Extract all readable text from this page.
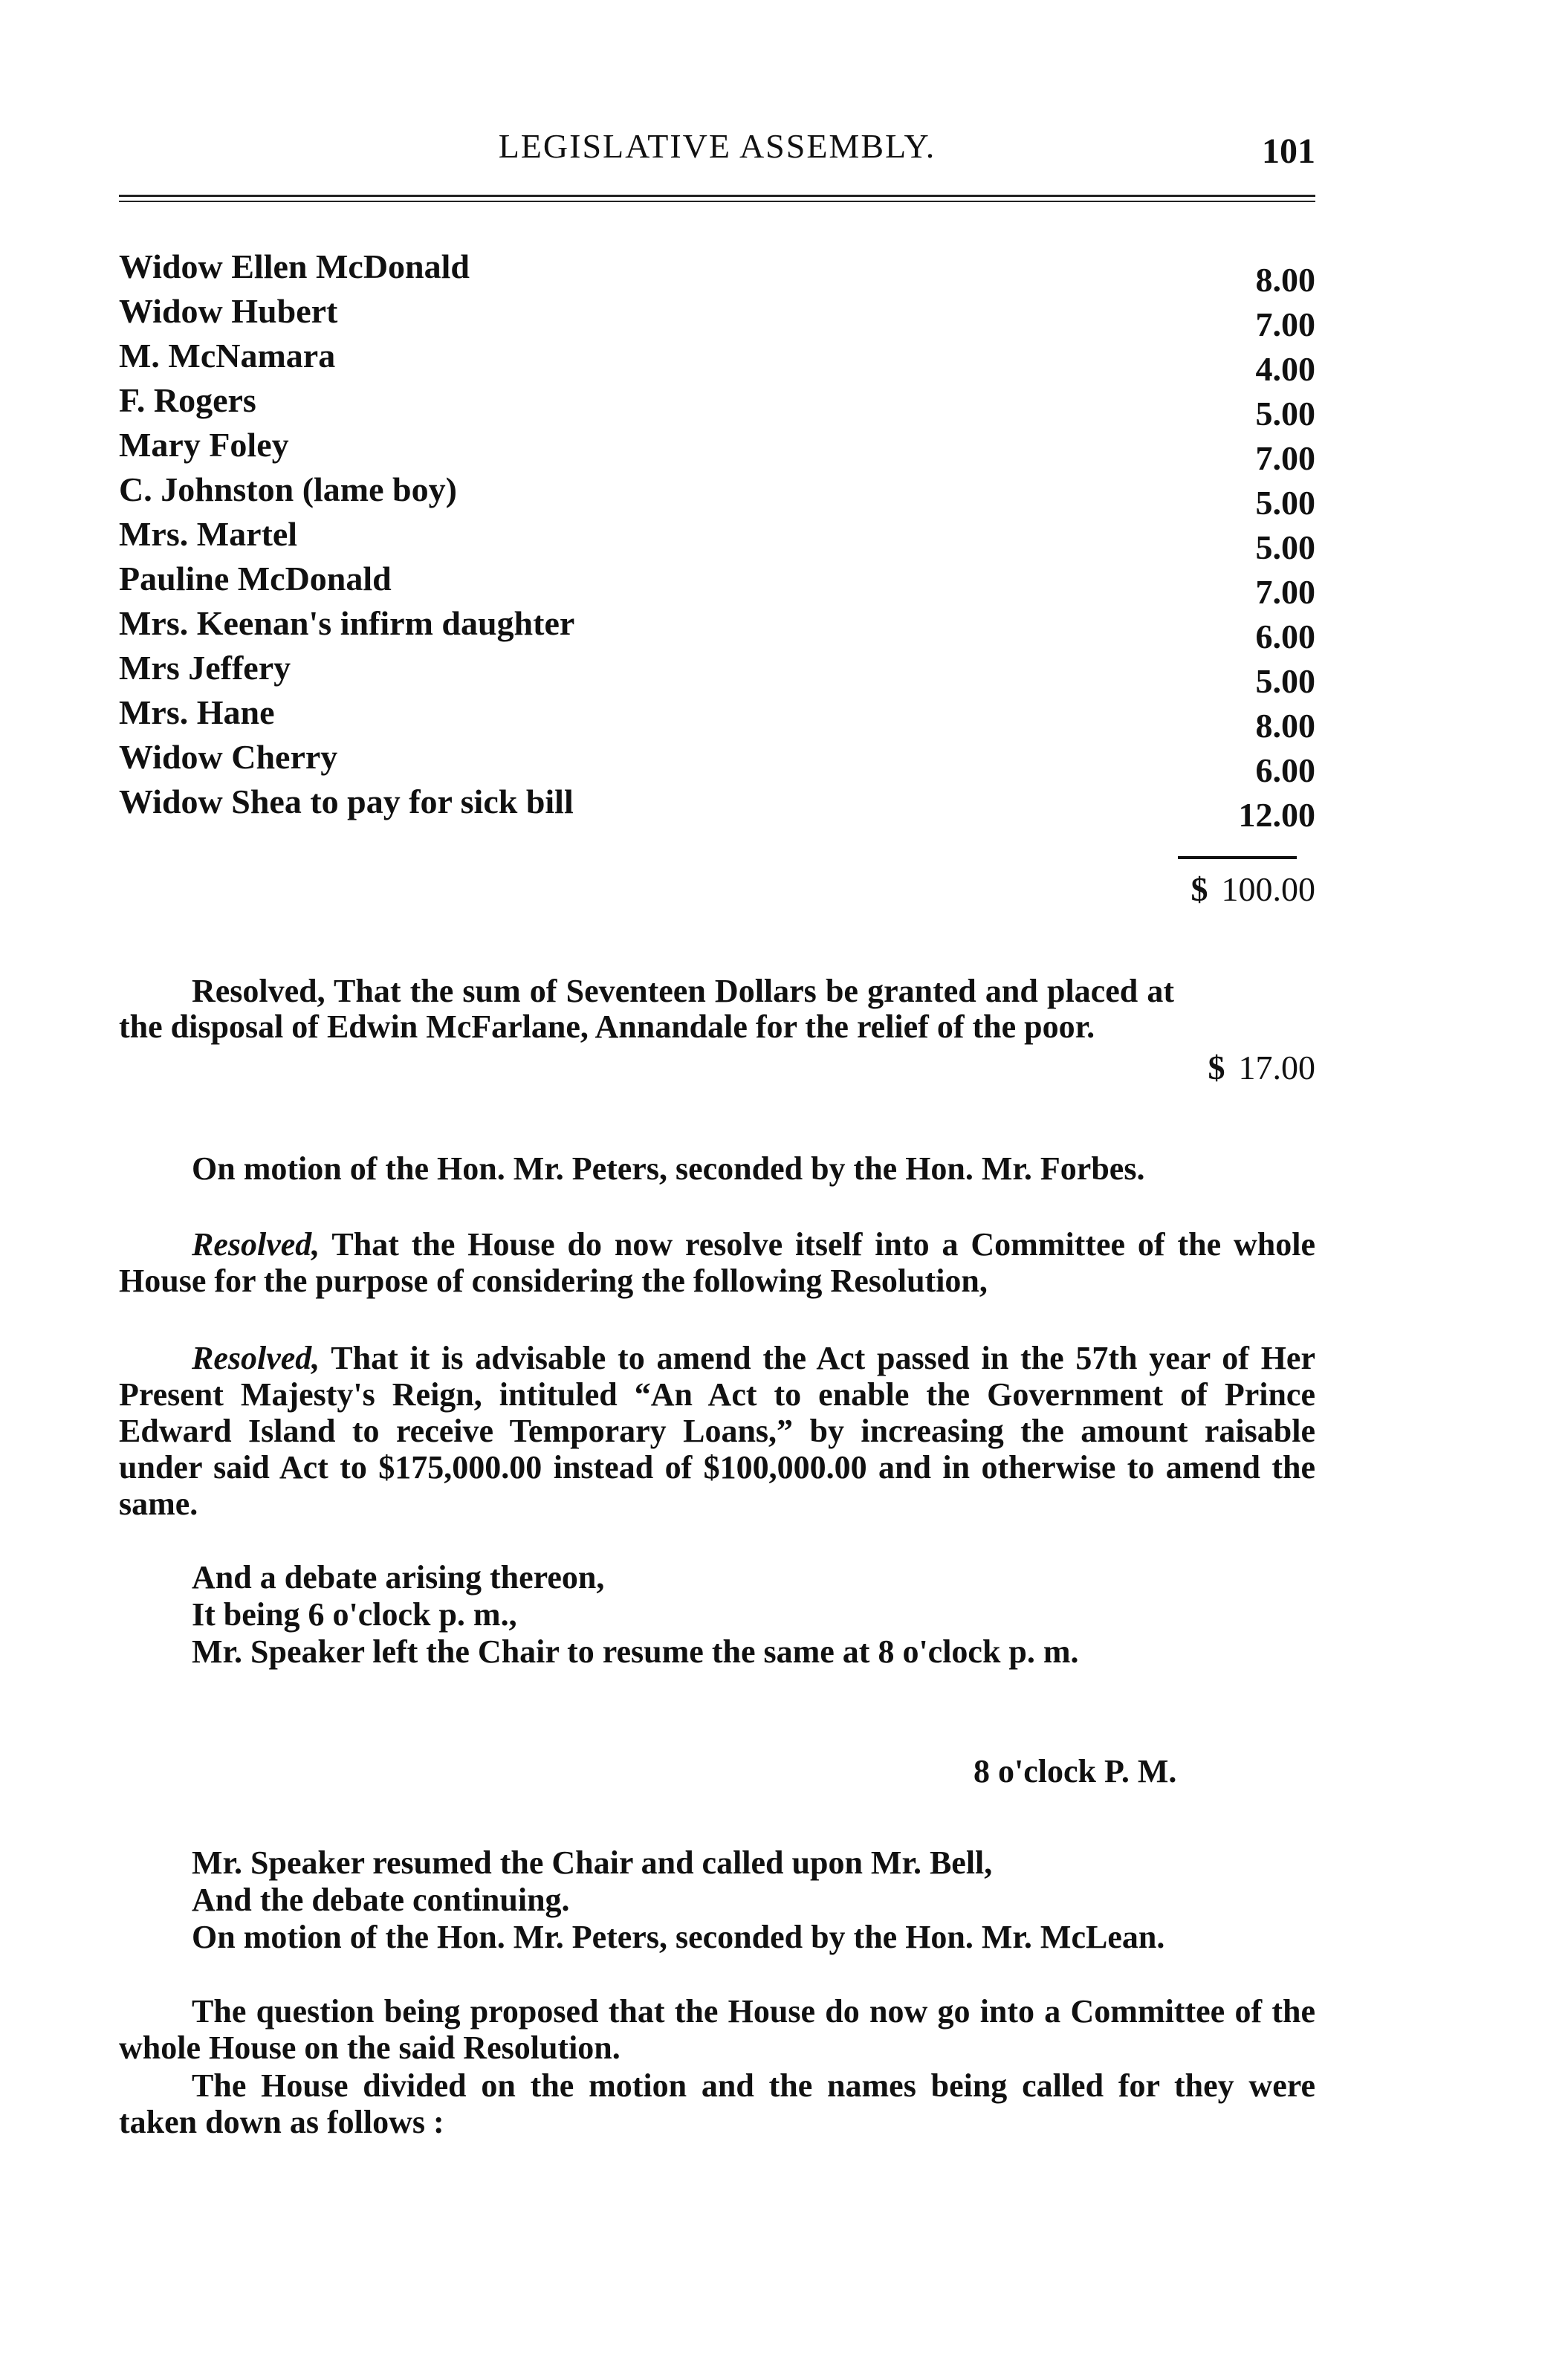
LEGISLATIVE ASSEMBLY.	101
Widow Ellen McDonald	8.00
Widow Hubert	7.00
M. McNamara	4.00
F. Rogers	5.00
Mary Foley	7.00
C. Johnston (lame boy)	5.00
Mrs. Martel	5.00
Pauline McDonald	7.00
Mrs. Keenan's infirm daughter	6.00
Mrs Jeffery	5.00
Mrs. Hane	8.00
Widow Cherry	6.00
Widow Shea to pay for sick bill	12.00
$ 100.00
Resolved, That the sum of Seventeen Dollars be granted and placed at the disposal of Edwin McFarlane, Annandale for the relief of the poor.
$ 17.00
On motion of the Hon. Mr. Peters, seconded by the Hon. Mr. Forbes.
Resolved, That the House do now resolve itself into a Committee of the whole House for the purpose of considering the following Resolution,
Resolved, That it is advisable to amend the Act passed in the 57th year of Her Present Majesty's Reign, intituled “An Act to enable the Government of Prince Edward Island to receive Temporary Loans,” by increasing the amount raisable under said Act to $175,000.00 instead of $100,000.00 and in otherwise to amend the same.
And a debate arising thereon,
It being 6 o'clock p. m.,
Mr. Speaker left the Chair to resume the same at 8 o'clock p. m.
8 o'clock P. M.
Mr. Speaker resumed the Chair and called upon Mr. Bell,
And the debate continuing.
On motion of the Hon. Mr. Peters, seconded by the Hon. Mr. McLean.
The question being proposed that the House do now go into a Committee of the whole House on the said Resolution.
The House divided on the motion and the names being called for they were taken down as follows :
